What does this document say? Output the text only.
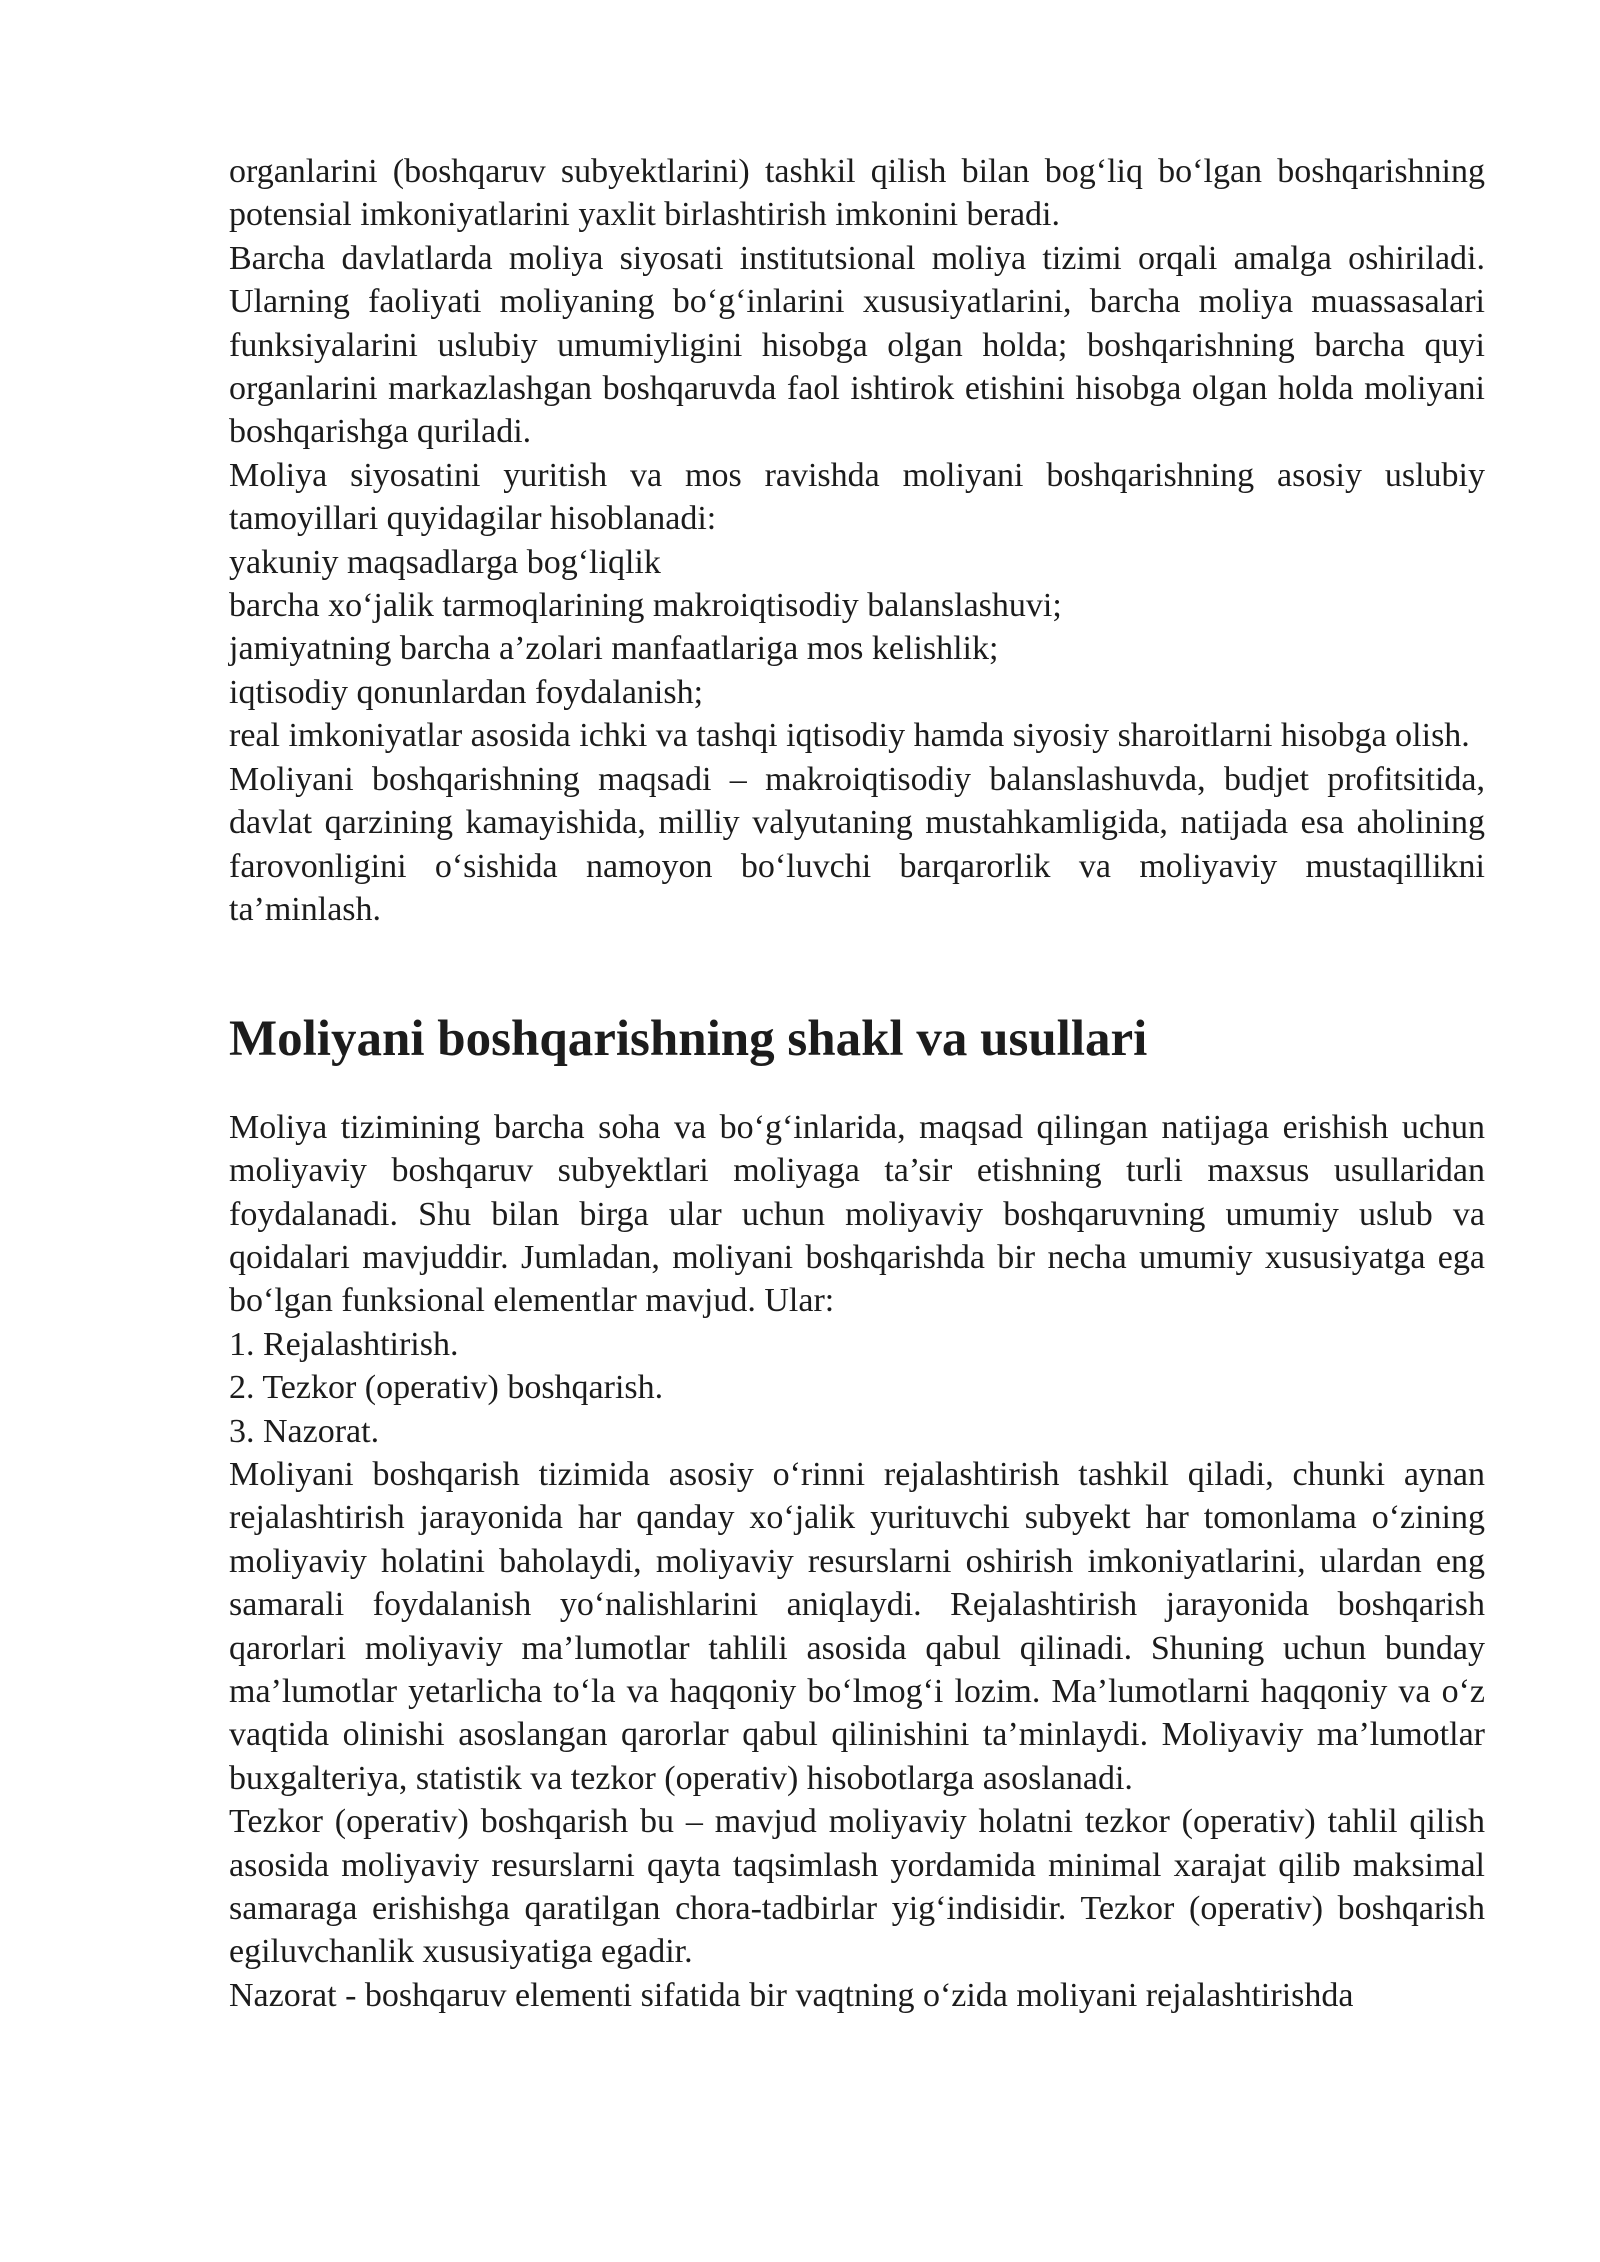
organlarini (boshqaruv subyektlarini) tashkil qilish bilan bog‘liq bo‘lgan boshqarishning potensial imkoniyatlarini yaxlit birlashtirish imkonini beradi.

Barcha davlatlarda moliya siyosati institutsional moliya tizimi orqali amalga oshiriladi. Ularning faoliyati moliyaning bo‘g‘inlarini xususiyatlarini, barcha moliya muassasalari funksiyalarini uslubiy umumiyligini hisobga olgan holda; boshqarishning barcha quyi organlarini markazlashgan boshqaruvda faol ishtirok etishini hisobga olgan holda moliyani boshqarishga quriladi.

Moliya siyosatini yuritish va mos ravishda moliyani boshqarishning asosiy uslubiy tamoyillari quyidagilar hisoblanadi:

yakuniy maqsadlarga bog‘liqlik

barcha xo‘jalik tarmoqlarining makroiqtisodiy balanslashuvi;

jamiyatning barcha a’zolari manfaatlariga mos kelishlik;

iqtisodiy qonunlardan foydalanish;

real imkoniyatlar asosida ichki va tashqi iqtisodiy hamda siyosiy sharoitlarni hisobga olish.

Moliyani boshqarishning maqsadi – makroiqtisodiy balanslashuvda, budjet profitsitida, davlat qarzining kamayishida, milliy valyutaning mustahkamligida, natijada esa aholining farovonligini o‘sishida namoyon bo‘luvchi barqarorlik va moliyaviy mustaqillikni ta’minlash.

Moliyani boshqarishning shakl va usullari

Moliya tizimining barcha soha va bo‘g‘inlarida, maqsad qilingan natijaga erishish uchun moliyaviy boshqaruv subyektlari moliyaga ta’sir etishning turli maxsus usullaridan foydalanadi. Shu bilan birga ular uchun moliyaviy boshqaruvning umumiy uslub va qoidalari mavjuddir. Jumladan, moliyani boshqarishda bir necha umumiy xususiyatga ega bo‘lgan funksional elementlar mavjud. Ular:

1. Rejalashtirish.

2. Tezkor (operativ) boshqarish.

3. Nazorat.

Moliyani boshqarish tizimida asosiy o‘rinni rejalashtirish tashkil qiladi, chunki aynan rejalashtirish jarayonida har qanday xo‘jalik yurituvchi subyekt har tomonlama o‘zining moliyaviy holatini baholaydi, moliyaviy resurslarni oshirish imkoniyatlarini, ulardan eng samarali foydalanish yo‘nalishlarini aniqlaydi. Rejalashtirish jarayonida boshqarish qarorlari moliyaviy ma’lumotlar tahlili asosida qabul qilinadi. Shuning uchun bunday ma’lumotlar yetarlicha to‘la va haqqoniy bo‘lmog‘i lozim. Ma’lumotlarni haqqoniy va o‘z vaqtida olinishi asoslangan qarorlar qabul qilinishini ta’minlaydi. Moliyaviy ma’lumotlar buxgalteriya, statistik va tezkor (operativ) hisobotlarga asoslanadi.

Tezkor (operativ) boshqarish bu – mavjud moliyaviy holatni tezkor (operativ) tahlil qilish asosida moliyaviy resurslarni qayta taqsimlash yordamida minimal xarajat qilib maksimal samaraga erishishga qaratilgan chora-tadbirlar yig‘indisidir. Tezkor (operativ) boshqarish egiluvchanlik xususiyatiga egadir.

Nazorat - boshqaruv elementi sifatida bir vaqtning o‘zida moliyani rejalashtirishda
